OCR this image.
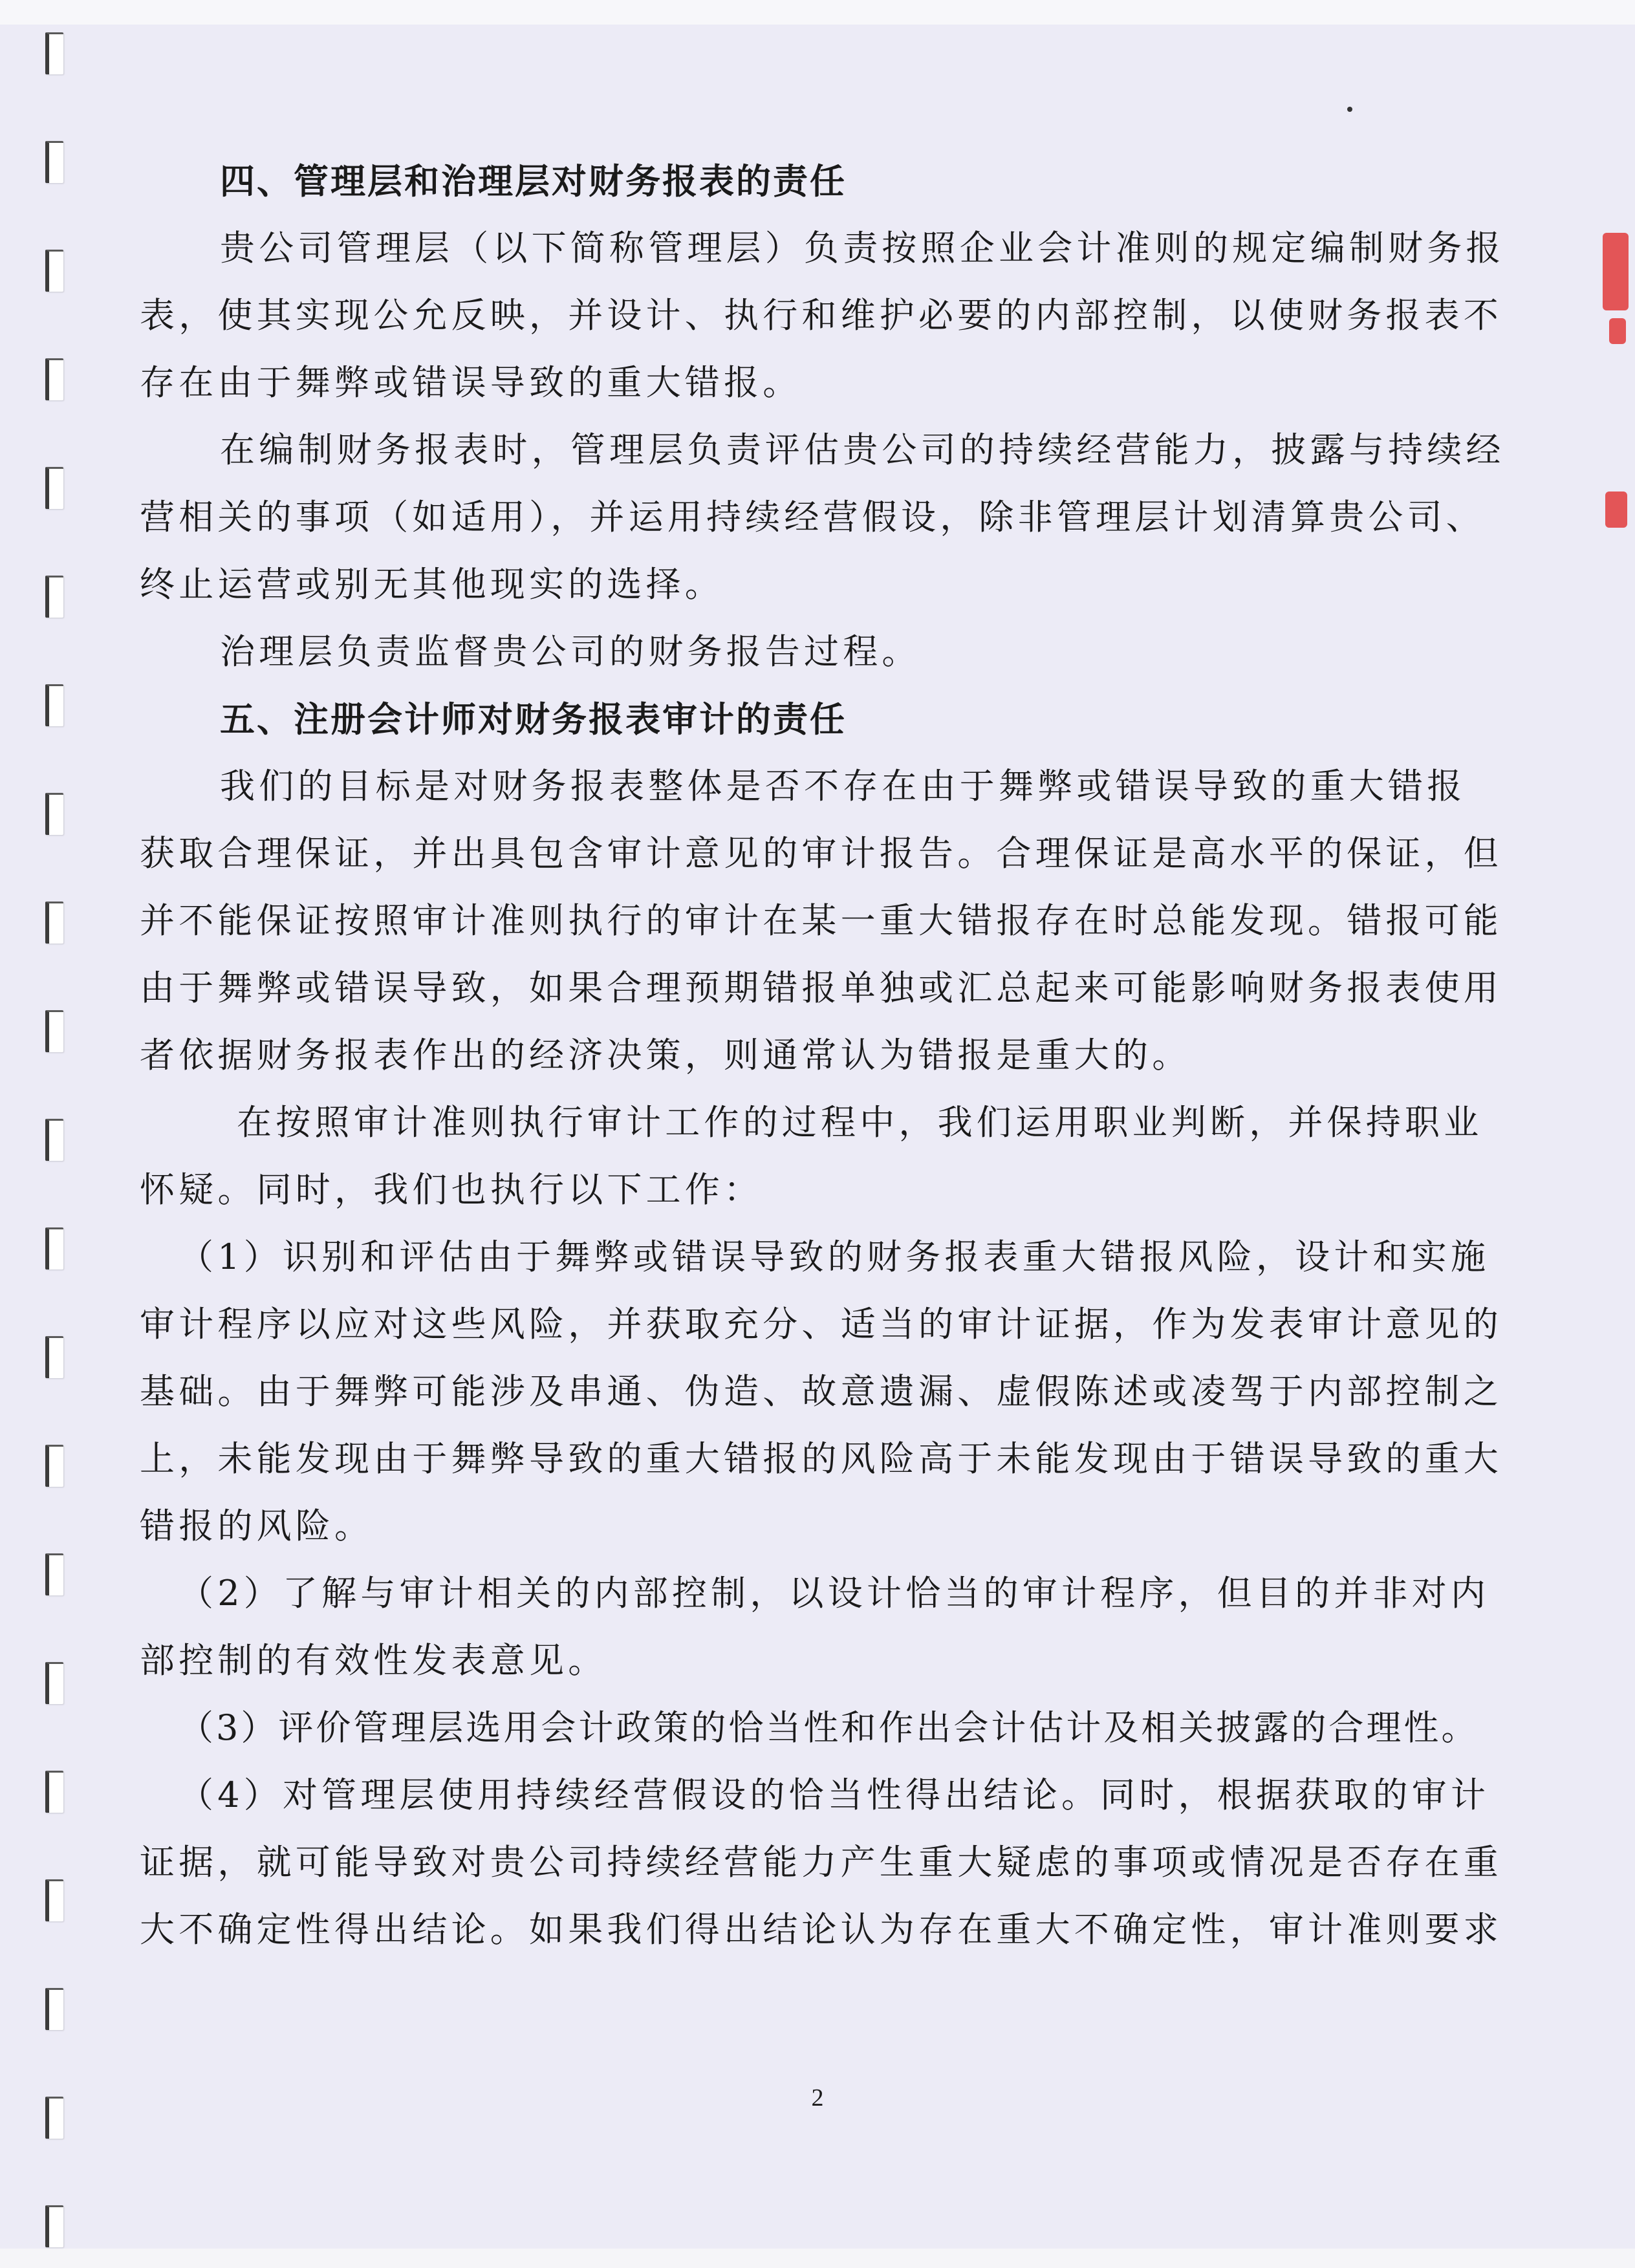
四、管理层和治理层对财务报表的责任
贵公司管理层（以下简称管理层）负责按照企业会计准则的规定编制财务报
表，使其实现公允反映，并设计、执行和维护必要的内部控制，以使财务报表不
存在由于舞弊或错误导致的重大错报。
在编制财务报表时，管理层负责评估贵公司的持续经营能力，披露与持续经
营相关的事项（如适用），并运用持续经营假设，除非管理层计划清算贵公司、
终止运营或别无其他现实的选择。
治理层负责监督贵公司的财务报告过程。
五、注册会计师对财务报表审计的责任
我们的目标是对财务报表整体是否不存在由于舞弊或错误导致的重大错报
获取合理保证，并出具包含审计意见的审计报告。合理保证是高水平的保证，但
并不能保证按照审计准则执行的审计在某一重大错报存在时总能发现。错报可能
由于舞弊或错误导致，如果合理预期错报单独或汇总起来可能影响财务报表使用
者依据财务报表作出的经济决策，则通常认为错报是重大的。
在按照审计准则执行审计工作的过程中，我们运用职业判断，并保持职业
怀疑。同时，我们也执行以下工作：
（1）识别和评估由于舞弊或错误导致的财务报表重大错报风险，设计和实施
审计程序以应对这些风险，并获取充分、适当的审计证据，作为发表审计意见的
基础。由于舞弊可能涉及串通、伪造、故意遗漏、虚假陈述或凌驾于内部控制之
上，未能发现由于舞弊导致的重大错报的风险高于未能发现由于错误导致的重大
错报的风险。
（2）了解与审计相关的内部控制，以设计恰当的审计程序，但目的并非对内
部控制的有效性发表意见。
（3）评价管理层选用会计政策的恰当性和作出会计估计及相关披露的合理性。
（4）对管理层使用持续经营假设的恰当性得出结论。同时，根据获取的审计
证据，就可能导致对贵公司持续经营能力产生重大疑虑的事项或情况是否存在重
大不确定性得出结论。如果我们得出结论认为存在重大不确定性，审计准则要求
2
